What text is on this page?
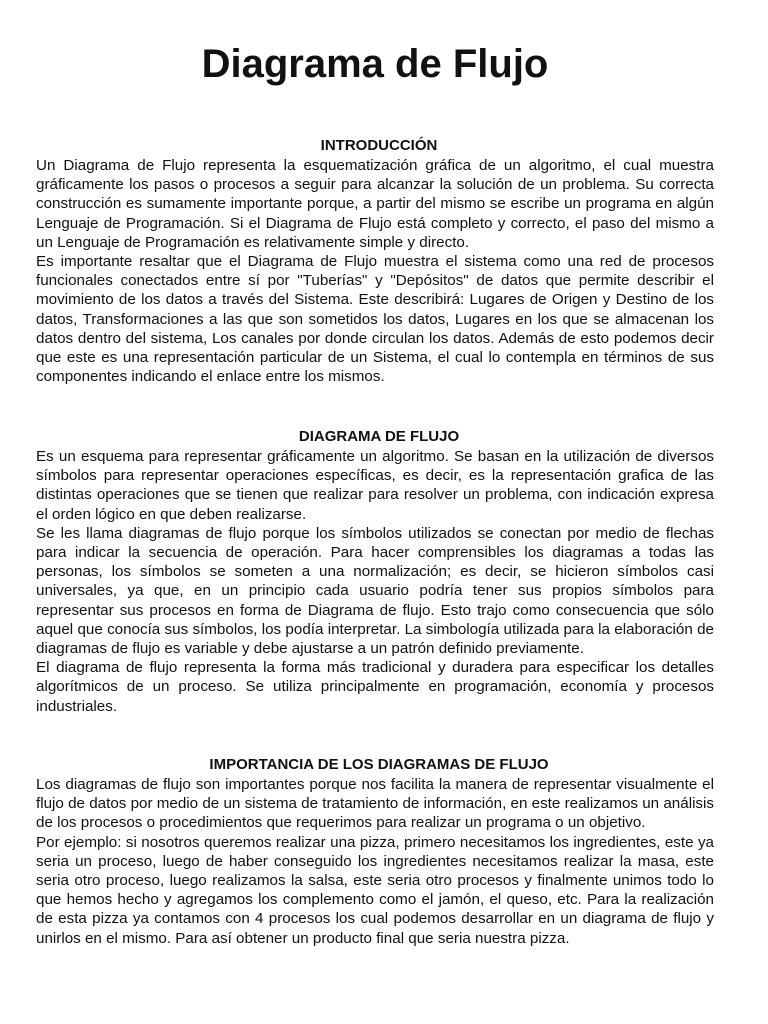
Diagrama de Flujo
INTRODUCCIÓN

Un Diagrama de Flujo representa la esquematización gráfica de un algoritmo, el cual muestra gráficamente los pasos o procesos a seguir para alcanzar la solución de un problema. Su correcta construcción es sumamente importante porque, a partir del mismo se escribe un programa en algún Lenguaje de Programación. Si el Diagrama de Flujo está completo y correcto, el paso del mismo a un Lenguaje de Programación es relativamente simple y directo.

Es importante resaltar que el Diagrama de Flujo muestra el sistema como una red de procesos funcionales conectados entre sí por "Tuberías" y "Depósitos" de datos que permite describir el movimiento de los datos a través del Sistema. Este describirá: Lugares de Origen y Destino de los datos, Transformaciones a las que son sometidos los datos, Lugares en los que se almacenan los datos dentro del sistema, Los canales por donde circulan los datos. Además de esto podemos decir que este es una representación particular de un Sistema, el cual lo contempla en términos de sus componentes indicando el enlace entre los mismos.

DIAGRAMA DE FLUJO

Es un esquema para representar gráficamente un algoritmo. Se basan en la utilización de diversos símbolos para representar operaciones específicas, es decir, es la representación grafica de las distintas operaciones que se tienen que realizar para resolver un problema, con indicación expresa el orden lógico en que deben realizarse.

Se les llama diagramas de flujo porque los símbolos utilizados se conectan por medio de flechas para indicar la secuencia de operación. Para hacer comprensibles los diagramas a todas las personas, los símbolos se someten a una normalización; es decir, se hicieron símbolos casi universales, ya que, en un principio cada usuario podría tener sus propios símbolos para representar sus procesos en forma de Diagrama de flujo. Esto trajo como consecuencia que sólo aquel que conocía sus símbolos, los podía interpretar. La simbología utilizada para la elaboración de diagramas de flujo es variable y debe ajustarse a un patrón definido previamente.

El diagrama de flujo representa la forma más tradicional y duradera para especificar los detalles algorítmicos de un proceso. Se utiliza principalmente en programación, economía y procesos industriales.

IMPORTANCIA DE LOS DIAGRAMAS DE FLUJO

Los diagramas de flujo son importantes porque nos facilita la manera de representar visualmente el flujo de datos por medio de un sistema de tratamiento de información, en este realizamos un análisis de los procesos o procedimientos que requerimos para realizar un programa o un objetivo.

Por ejemplo: si nosotros queremos realizar una pizza, primero necesitamos los ingredientes, este ya seria un proceso, luego de haber conseguido los ingredientes necesitamos realizar la masa, este seria otro proceso, luego realizamos la salsa, este seria otro procesos y finalmente unimos todo lo que hemos hecho y agregamos los complemento como el jamón, el queso, etc. Para la realización de esta pizza ya contamos con 4 procesos los cual podemos desarrollar en un diagrama de flujo y unirlos en el mismo. Para así obtener un producto final que seria nuestra pizza.
